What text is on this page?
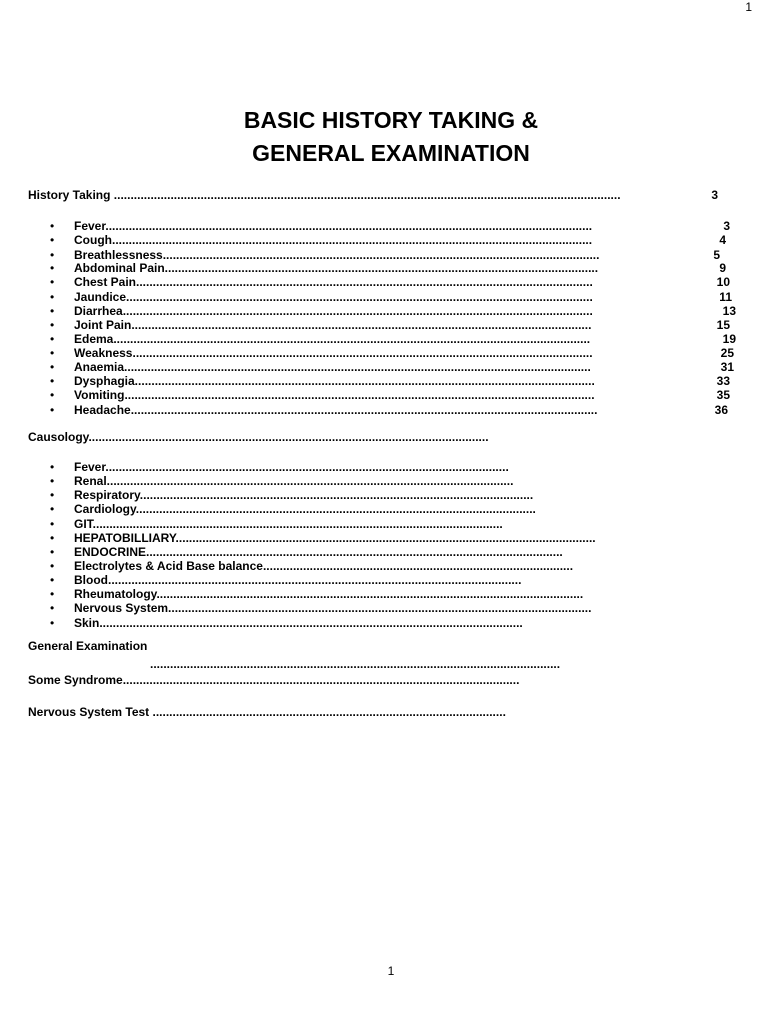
1
BASIC HISTORY TAKING &
GENERAL EXAMINATION
History Taking ........................................................................................................................................................	3
• Fever..................................................................................................................................................	3
• Cough................................................................................................................................................	4
• Breathlessness...................................................................................................................................	5
• Abdominal Pain..................................................................................................................................	9
• Chest Pain.........................................................................................................................................	10
• Jaundice............................................................................................................................................	11
• Diarrhea.............................................................................................................................................	13
• Joint Pain..........................................................................................................................................	15
• Edema...............................................................................................................................................	19
• Weakness..........................................................................................................................................	25
• Anaemia............................................................................................................................................	31
• Dysphagia..........................................................................................................................................	33
• Vomiting.............................................................................................................................................	35
• Headache............................................................................................................................................	36
Causology........................................................................................................................
• Fever.........................................................................................................................
• Renal..........................................................................................................................
• Respiratory......................................................................................................................
• Cardiology........................................................................................................................
• GIT...........................................................................................................................
• HEPATOBILLIARY..............................................................................................................................
• ENDOCRINE.............................................................................................................................
• Electrolytes & Acid Base balance.............................................................................................
• Blood............................................................................................................................
• Rheumatology................................................................................................................................
• Nervous System...............................................................................................................................
• Skin...............................................................................................................................
General Examination
...........................................................................................................................
Some Syndrome.......................................................................................................................
Nervous System Test ..........................................................................................................
1
